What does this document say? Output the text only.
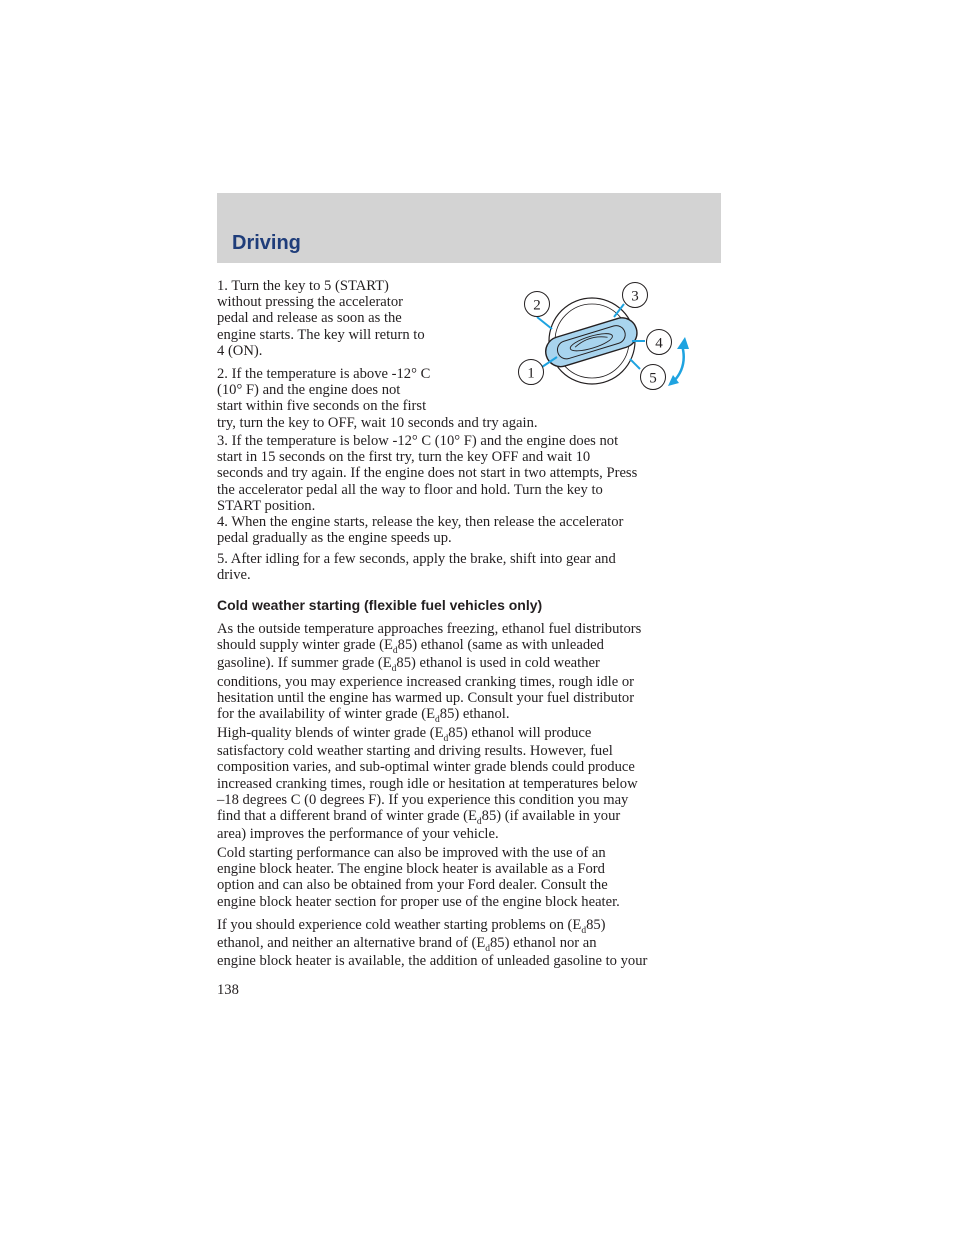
Driving

1. Turn the key to 5 (START)
without pressing the accelerator
pedal and release as soon as the
engine starts. The key will return to
4 (ON).

2. If the temperature is above -12° C
(10° F) and the engine does not
start within five seconds on the first
try, turn the key to OFF, wait 10 seconds and try again.

1
2
3
4
5

3. If the temperature is below -12° C (10° F) and the engine does not
start in 15 seconds on the first try, turn the key OFF and wait 10
seconds and try again. If the engine does not start in two attempts, Press
the accelerator pedal all the way to floor and hold. Turn the key to
START position.

4. When the engine starts, release the key, then release the accelerator
pedal gradually as the engine speeds up.

5. After idling for a few seconds, apply the brake, shift into gear and
drive.

Cold weather starting (flexible fuel vehicles only)

As the outside temperature approaches freezing, ethanol fuel distributors
should supply winter grade $(E_d85)$ ethanol (same as with unleaded
gasoline). If summer grade $(E_d85)$ ethanol is used in cold weather
conditions, you may experience increased cranking times, rough idle or
hesitation until the engine has warmed up. Consult your fuel distributor
for the availability of winter grade $(E_d85)$ ethanol.

High-quality blends of winter grade $(E_d85)$ ethanol will produce
satisfactory cold weather starting and driving results. However, fuel
composition varies, and sub-optimal winter grade blends could produce
increased cranking times, rough idle or hesitation at temperatures below
–18 degrees C (0 degrees F). If you experience this condition you may
find that a different brand of winter grade $(E_d85)$ (if available in your
area) improves the performance of your vehicle.

Cold starting performance can also be improved with the use of an
engine block heater. The engine block heater is available as a Ford
option and can also be obtained from your Ford dealer. Consult the
engine block heater section for proper use of the engine block heater.

If you should experience cold weather starting problems on $(E_d85)$
ethanol, and neither an alternative brand of $(E_d85)$ ethanol nor an
engine block heater is available, the addition of unleaded gasoline to your

138
